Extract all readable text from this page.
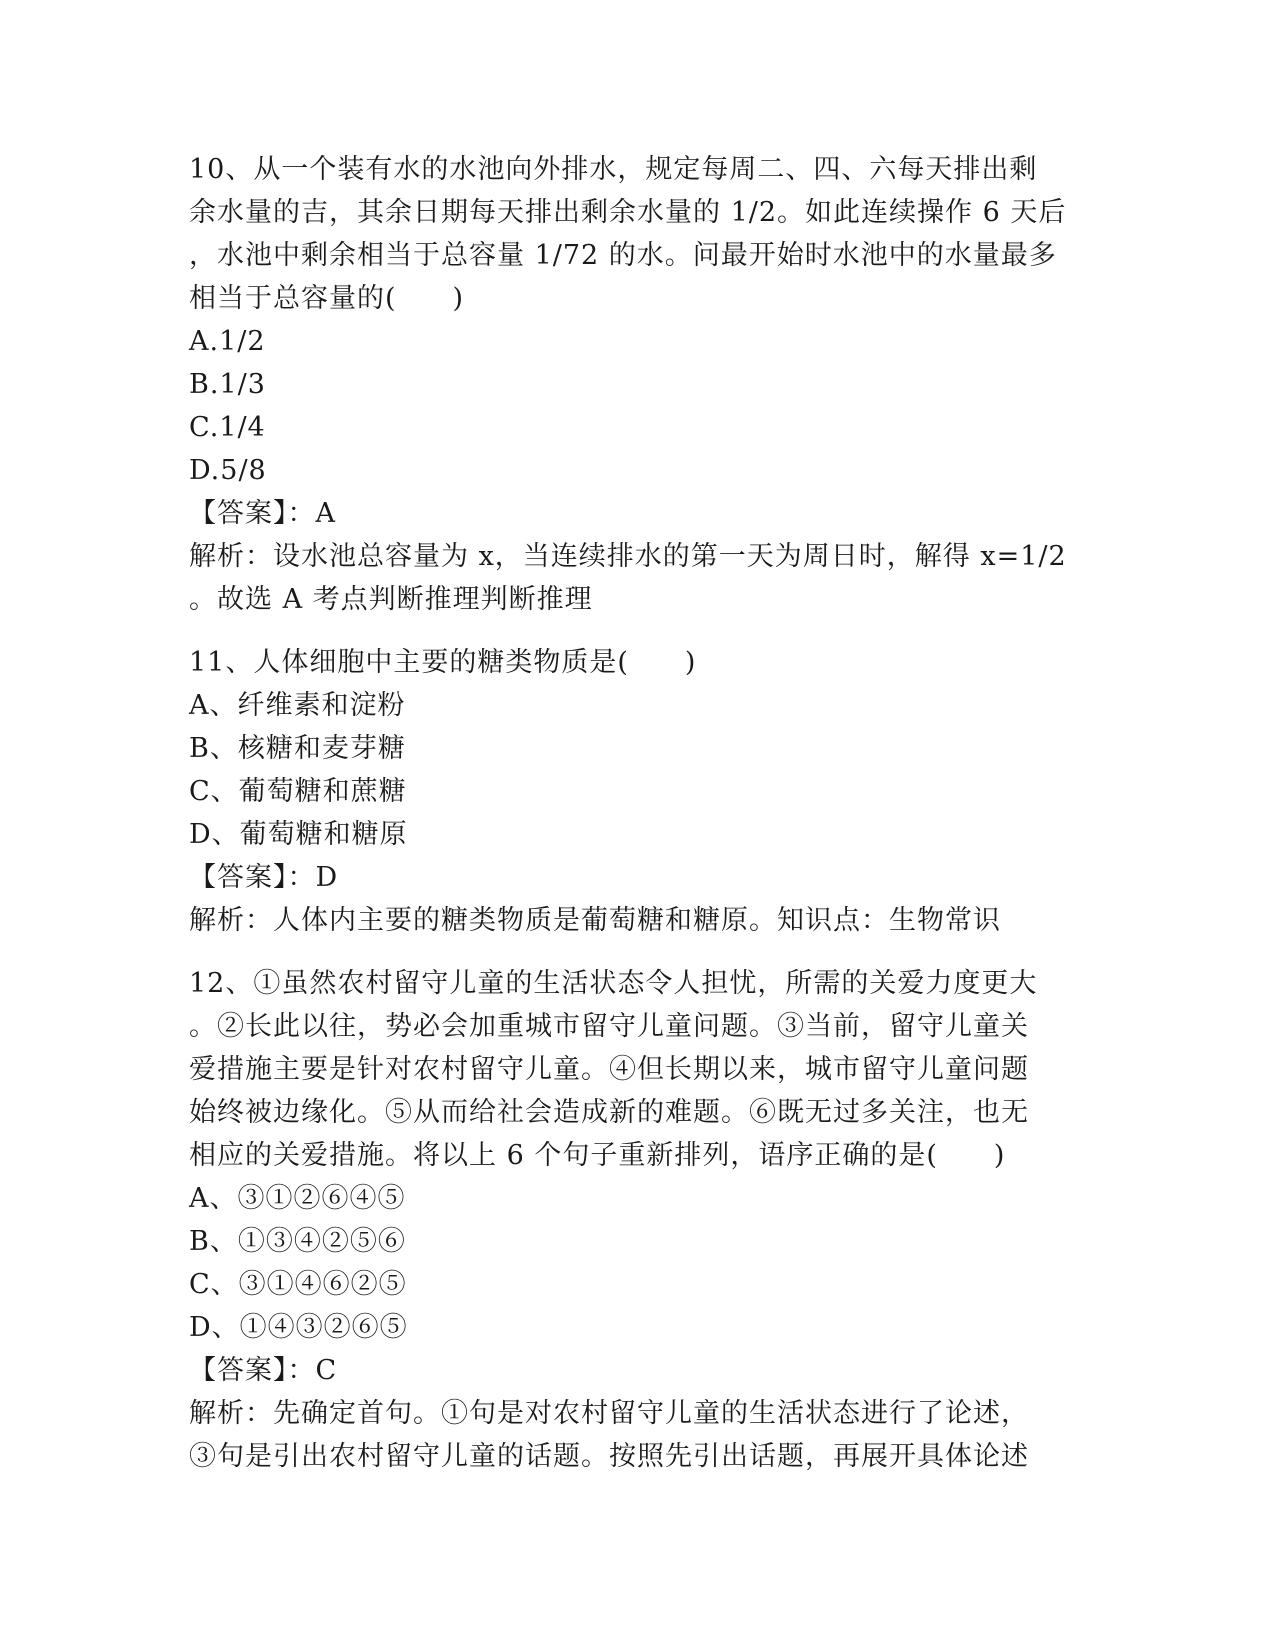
10、从一个装有水的水池向外排水，规定每周二、四、六每天排出剩
余水量的吉，其余日期每天排出剩余水量的 1/2。如此连续操作 6 天后
，水池中剩余相当于总容量 1/72 的水。问最开始时水池中的水量最多
相当于总容量的(　　)
A.1/2
B.1/3
C.1/4
D.5/8
【答案】：A
解析：设水池总容量为 x，当连续排水的第一天为周日时，解得 x=1/2
。故选 A 考点判断推理判断推理
11、人体细胞中主要的糖类物质是(　　)
A、纤维素和淀粉
B、核糖和麦芽糖
C、葡萄糖和蔗糖
D、葡萄糖和糖原
【答案】：D
解析：人体内主要的糖类物质是葡萄糖和糖原。知识点：生物常识
12、①虽然农村留守儿童的生活状态令人担忧，所需的关爱力度更大
。②长此以往，势必会加重城市留守儿童问题。③当前，留守儿童关
爱措施主要是针对农村留守儿童。④但长期以来，城市留守儿童问题
始终被边缘化。⑤从而给社会造成新的难题。⑥既无过多关注，也无
相应的关爱措施。将以上 6 个句子重新排列，语序正确的是(　　)
A、③①②⑥④⑤
B、①③④②⑤⑥
C、③①④⑥②⑤
D、①④③②⑥⑤
【答案】：C
解析：先确定首句。①句是对农村留守儿童的生活状态进行了论述，
③句是引出农村留守儿童的话题。按照先引出话题，再展开具体论述
